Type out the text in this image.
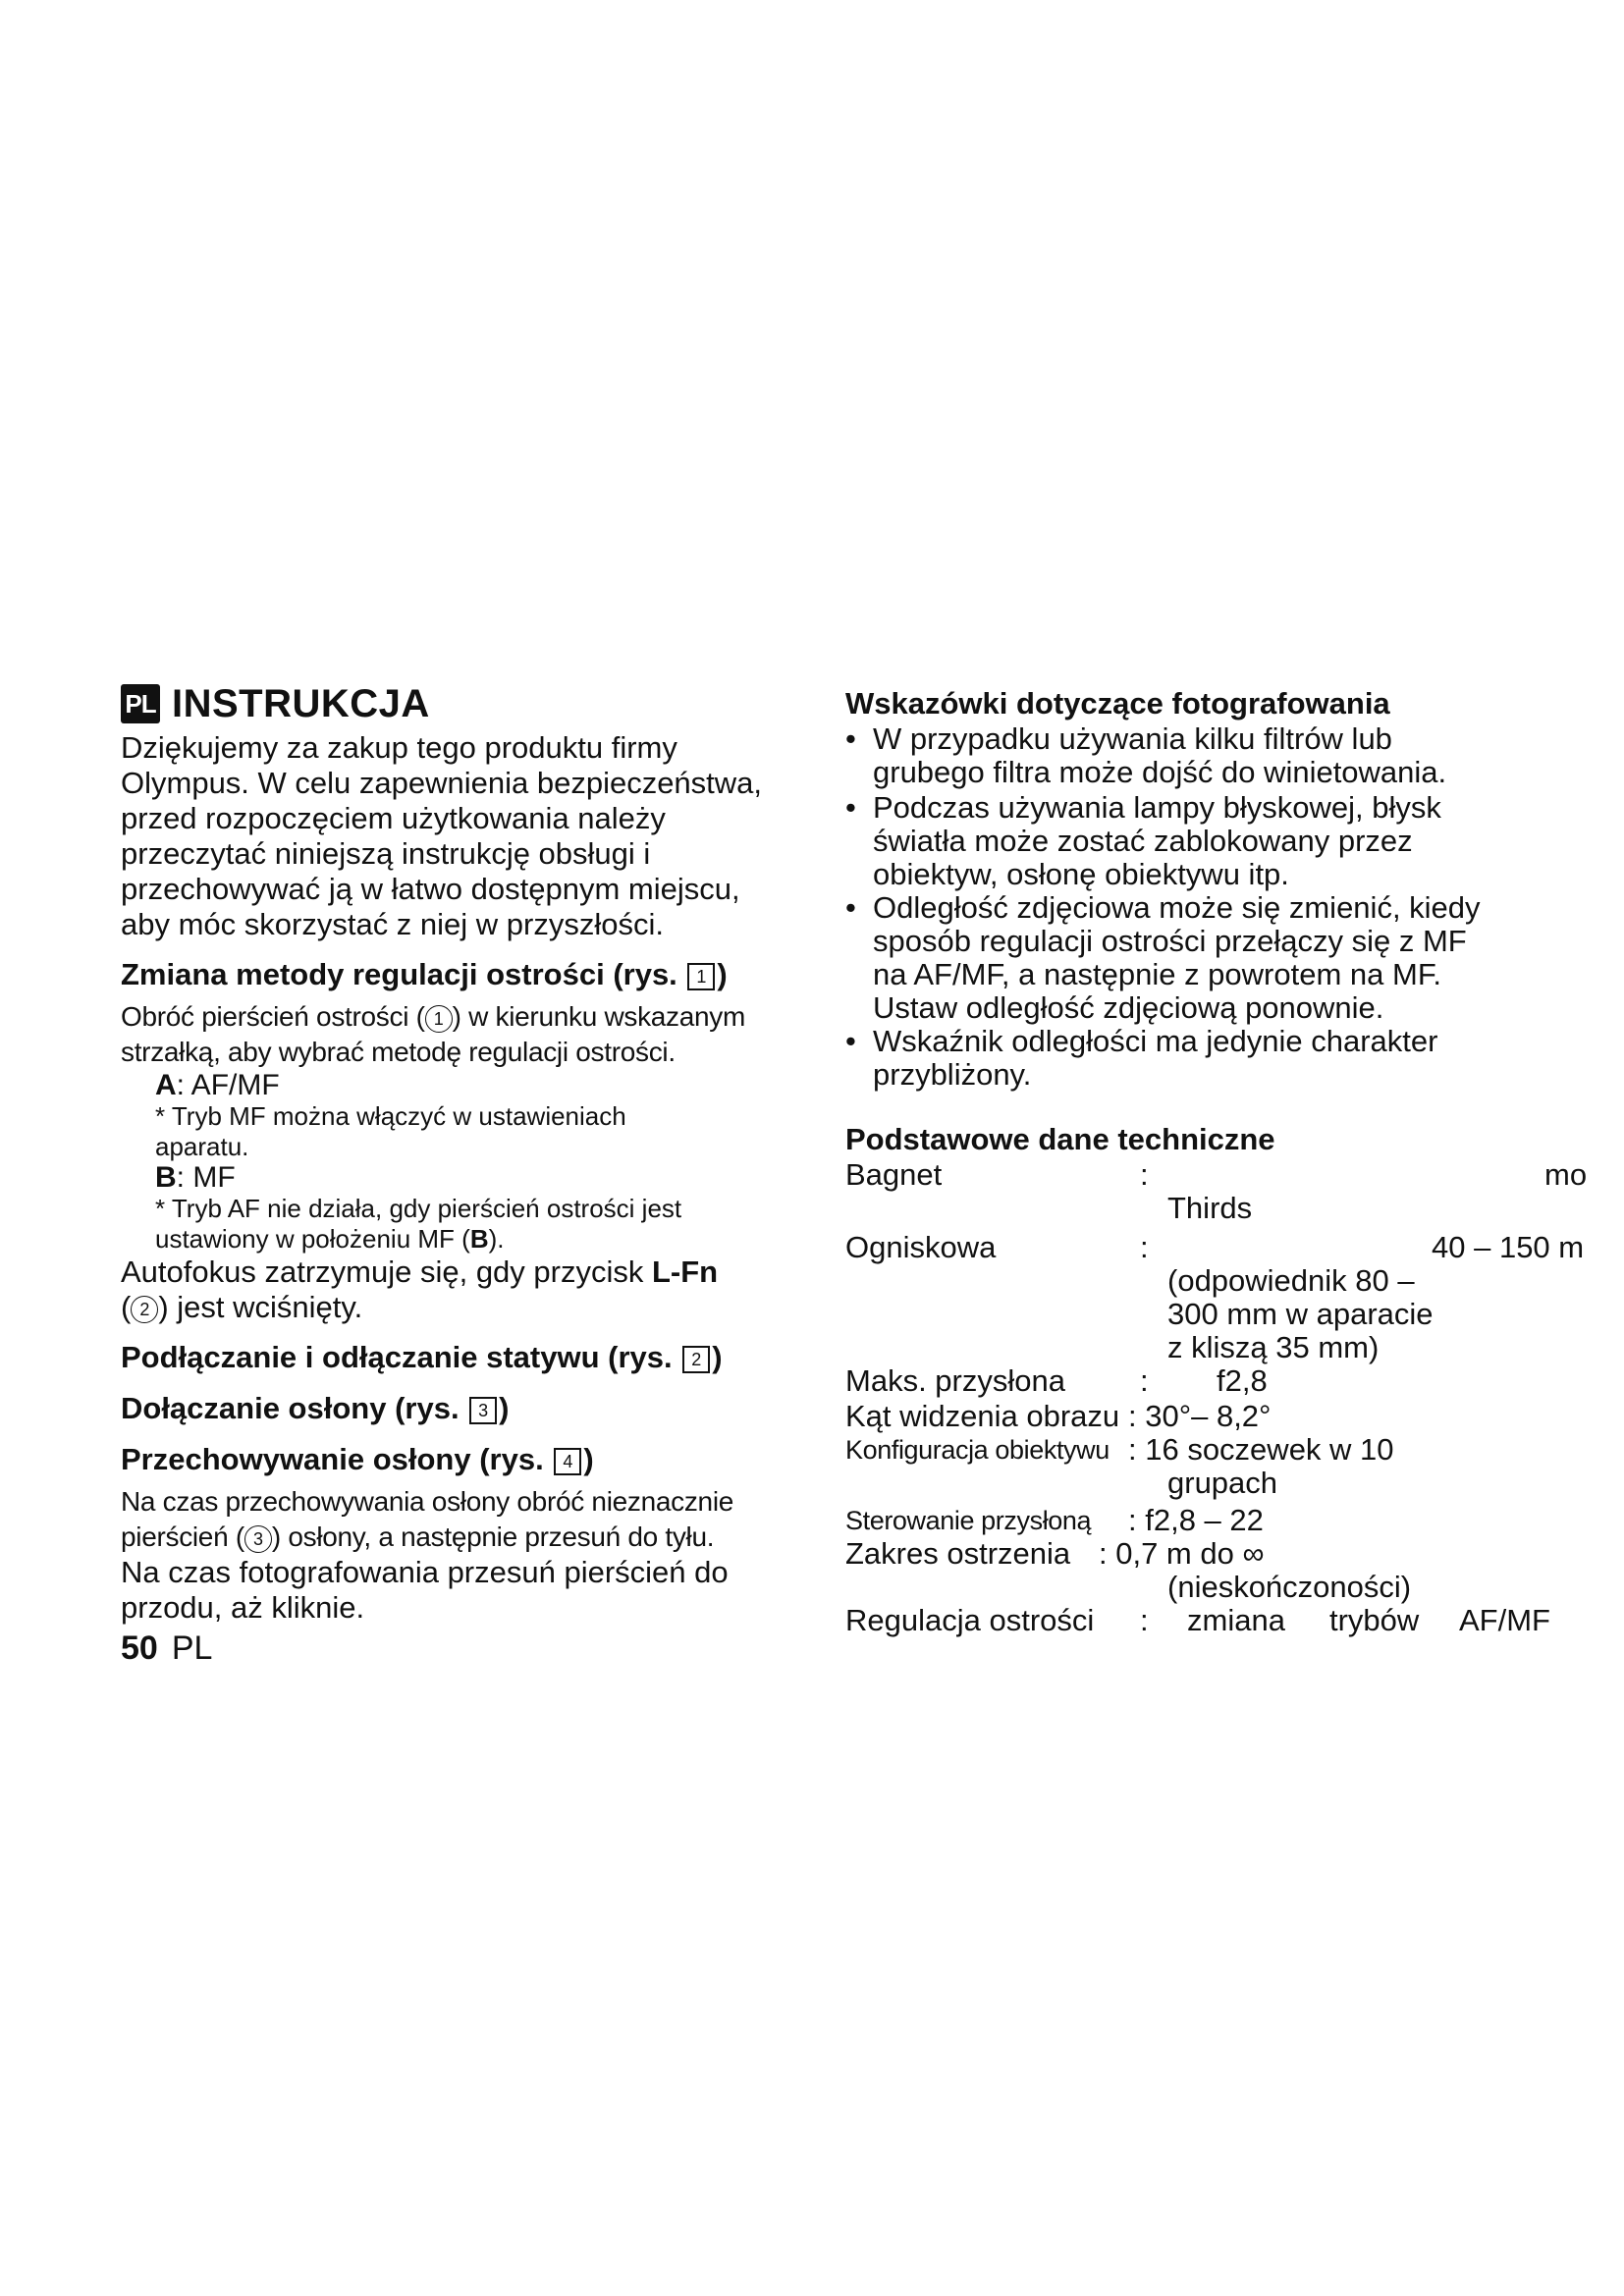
PL INSTRUKCJA

Dziękujemy za zakup tego produktu firmy

Olympus. W celu zapewnienia bezpieczeństwa,

przed rozpoczęciem użytkowania należy

przeczytać niniejszą instrukcję obsługi i

przechowywać ją w łatwo dostępnym miejscu,

aby móc skorzystać z niej w przyszłości.

Zmiana metody regulacji ostrości (rys. 1 )

Obróć pierścień ostrości ( 1 ) w kierunku wskazanym

strzałką, aby wybrać metodę regulacji ostrości.

A: AF/MF
* Tryb MF można włączyć w ustawieniach
aparatu.
B: MF
* Tryb AF nie działa, gdy pierścień ostrości jest
ustawiony w położeniu MF (B).

Autofokus zatrzymuje się, gdy przycisk L-Fn

( 2 ) jest wciśnięty.

Podłączanie i odłączanie statywu (rys. 2 )
Dołączanie osłony (rys. 3 )
Przechowywanie osłony (rys. 4 )

Na czas przechowywania osłony obróć nieznacznie

pierścień ( 3 ) osłony, a następnie przesuń do tyłu.

Na czas fotografowania przesuń pierścień do

przodu, aż kliknie.

50 PL
Wskazówki dotyczące fotografowania
• W przypadku używania kilku filtrów lub
grubego filtra może dojść do winietowania.
• Podczas używania lampy błyskowej, błysk
światła może zostać zablokowany przez
obiektyw, osłonę obiektywu itp.
• Odległość zdjęciowa może się zmienić, kiedy
sposób regulacji ostrości przełączy się z MF
na AF/MF, a następnie z powrotem na MF.
Ustaw odległość zdjęciową ponownie.
• Wskaźnik odległości ma jedynie charakter
przybliżony.
Podstawowe dane techniczne
Bagnet	:	mo
Thirds
Ogniskowa	:	40 – 150 m
(odpowiednik 80 –
300 mm w aparacie
z kliszą 35 mm)
Maks. przysłona : f2,8
Kąt widzenia obrazu : 30°– 8,2°
Konfiguracja obiektywu : 16 soczewek w 10
grupach
Sterowanie przysłoną : f2,8 – 22
Zakres ostrzenia : 0,7 m do ∞
(nieskończoności)
Regulacja ostrości : zmiana trybów AF/MF
